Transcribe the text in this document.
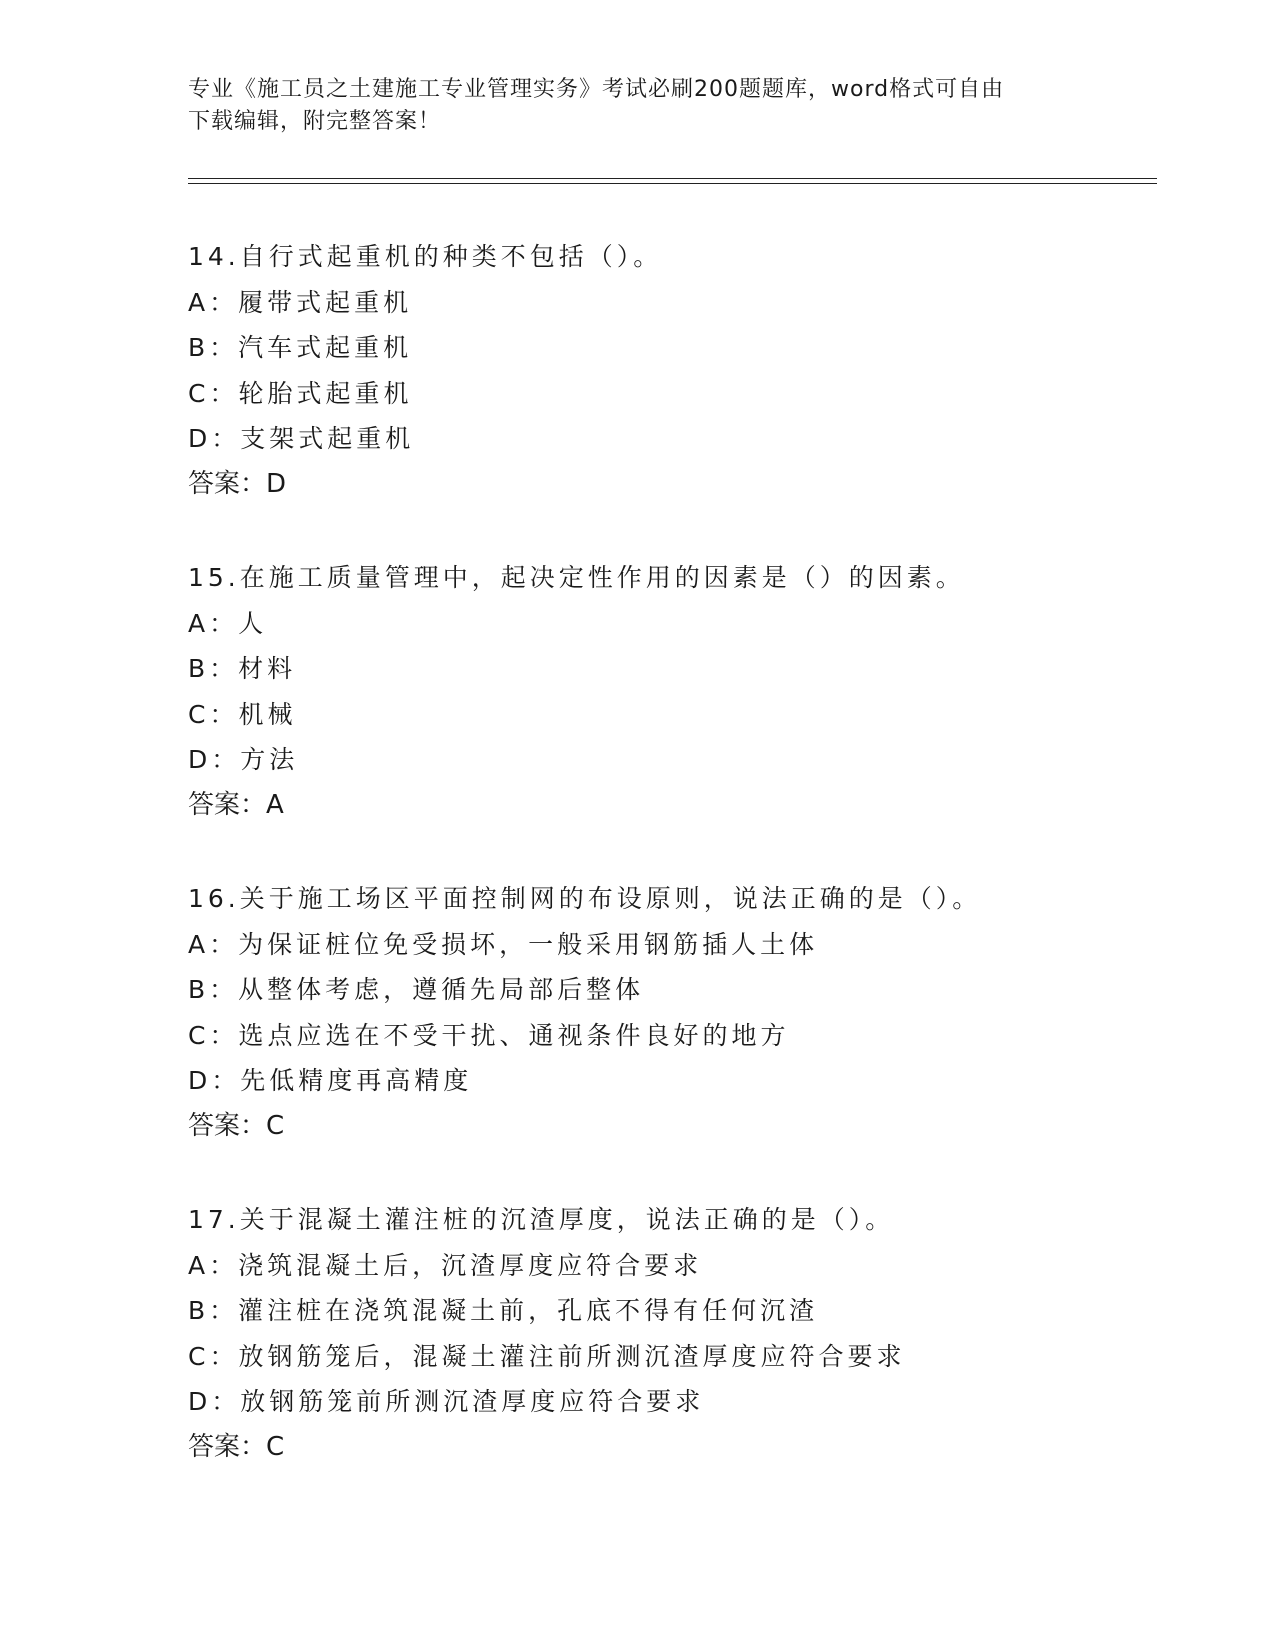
专业《施工员之土建施工专业管理实务》考试必刷200题题库，word格式可自由
下载编辑，附完整答案！
14.自行式起重机的种类不包括（）。
A：履带式起重机
B：汽车式起重机
C：轮胎式起重机
D：支架式起重机
答案：D
15.在施工质量管理中，起决定性作用的因素是（）的因素。
A：人
B：材料
C：机械
D：方法
答案：A
16.关于施工场区平面控制网的布设原则，说法正确的是（）。
A：为保证桩位免受损坏，一般采用钢筋插人土体
B：从整体考虑，遵循先局部后整体
C：选点应选在不受干扰、通视条件良好的地方
D：先低精度再高精度
答案：C
17.关于混凝土灌注桩的沉渣厚度，说法正确的是（）。
A：浇筑混凝土后，沉渣厚度应符合要求
B：灌注桩在浇筑混凝土前，孔底不得有任何沉渣
C：放钢筋笼后，混凝土灌注前所测沉渣厚度应符合要求
D：放钢筋笼前所测沉渣厚度应符合要求
答案：C
